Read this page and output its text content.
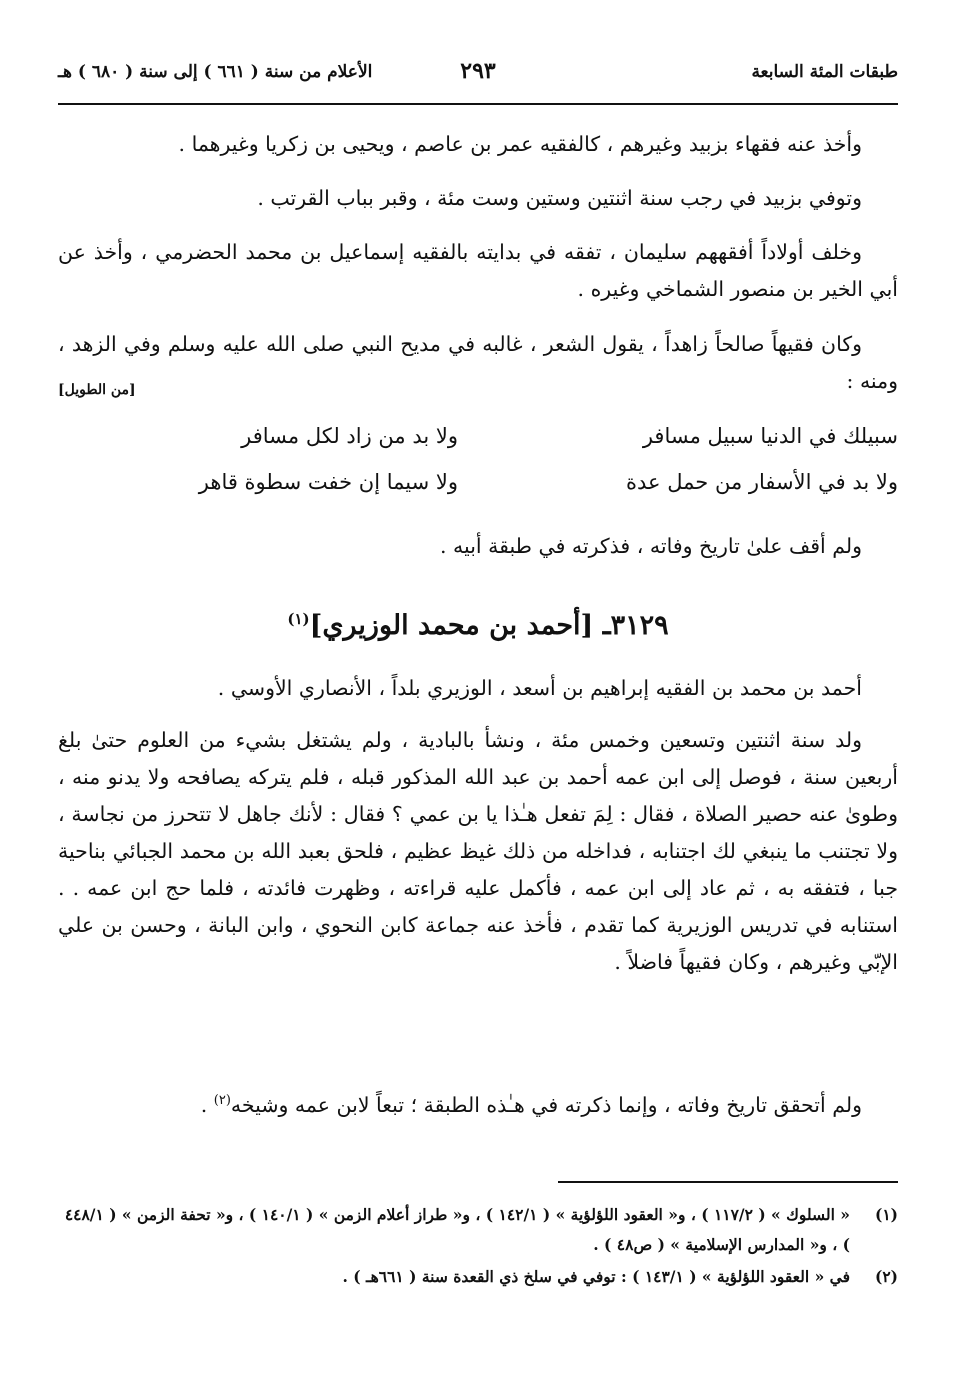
طبقات المئة السابعة
٢٩٣
الأعلام من سنة ( ٦٦١ ) إلى سنة ( ٦٨٠ ) هـ
وأخذ عنه فقهاء بزبيد وغيرهم ، كالفقيه عمر بن عاصم ، ويحيى بن زكريا وغيرهما .
وتوفي بزبيد في رجب سنة اثنتين وستين وست مئة ، وقبر بباب القرتب .
وخلف أولاداً أفقههم سليمان ، تفقه في بدايته بالفقيه إسماعيل بن محمد الحضرمي ، وأخذ عن أبي الخير بن منصور الشماخي وغيره .
وكان فقيهاً صالحاً زاهداً ، يقول الشعر ، غالبه في مديح النبي صلى الله عليه وسلم وفي الزهد ، ومنه :
[من الطويل]
سبيلك في الدنيا سبيل مسافر
ولا بد من زاد لكل مسافر
ولا بد في الأسفار من حمل عدة
ولا سيما إن خفت سطوة قاهر
ولم أقف علىٰ تاريخ وفاته ، فذكرته في طبقة أبيه .
٣١٢٩ـ [أحمد بن محمد الوزيري]$^{(١)}$
أحمد بن محمد بن الفقيه إبراهيم بن أسعد ، الوزيري بلداً ، الأنصاري الأوسي .
ولد سنة اثنتين وتسعين وخمس مئة ، ونشأ بالبادية ، ولم يشتغل بشيء من العلوم حتىٰ بلغ أربعين سنة ، فوصل إلى ابن عمه أحمد بن عبد الله المذكور قبله ، فلم يتركه يصافحه ولا يدنو منه ، وطوىٰ عنه حصير الصلاة ، فقال : لِمَ تفعل هـٰذا يا بن عمي ؟ فقال : لأنك جاهل لا تتحرز من نجاسة ، ولا تجتنب ما ينبغي لك اجتنابه ، فداخله من ذلك غيظ عظيم ، فلحق بعبد الله بن محمد الجبائي بناحية جبا ، فتفقه به ، ثم عاد إلى ابن عمه ، فأكمل عليه قراءته ، وظهرت فائدته ، فلما حج ابن عمه . . استنابه في تدريس الوزيرية كما تقدم ، فأخذ عنه جماعة كابن النحوي ، وابن البانة ، وحسن بن علي الإبّي وغيرهم ، وكان فقيهاً فاضلاً .
ولم أتحقق تاريخ وفاته ، وإنما ذكرته في هـٰذه الطبقة ؛ تبعاً لابن عمه وشيخه$^{(٢)}$ .
(١)
« السلوك » ( ١١٧/٢ ) ، و« العقود اللؤلؤية » ( ١٤٢/١ ) ، و« طراز أعلام الزمن » ( ١٤٠/١ ) ، و« تحفة الزمن » ( ٤٤٨/١ ) ، و« المدارس الإسلامية » ( ص٤٨ ) .
(٢)
في « العقود اللؤلؤية » ( ١٤٣/١ ) : توفي في سلخ ذي القعدة سنة ( ٦٦١هـ ) .
